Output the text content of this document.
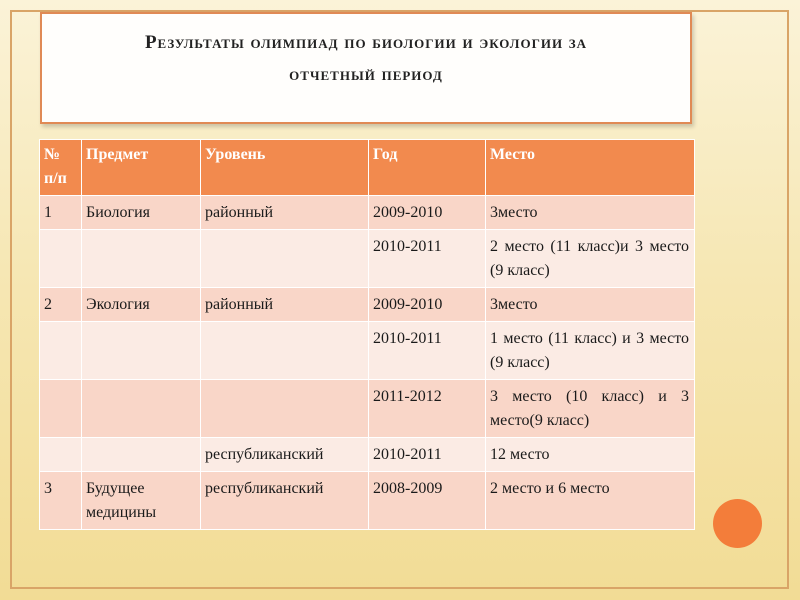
Результаты олимпиад по биологии и экологии за
отчетный период

№ п/п	Предмет	Уровень	Год	Место
1	Биология	районный	2009-2010	3место
			2010-2011	2 место (11 класс)и 3 место (9 класс)
2	Экология	районный	2009-2010	3место
			2010-2011	1 место (11 класс) и 3 место (9 класс)
			2011-2012	3 место (10 класс) и 3 место(9 класс)
		республиканский	2010-2011	12 место
3	Будущее медицины	республиканский	2008-2009	2 место и 6 место
